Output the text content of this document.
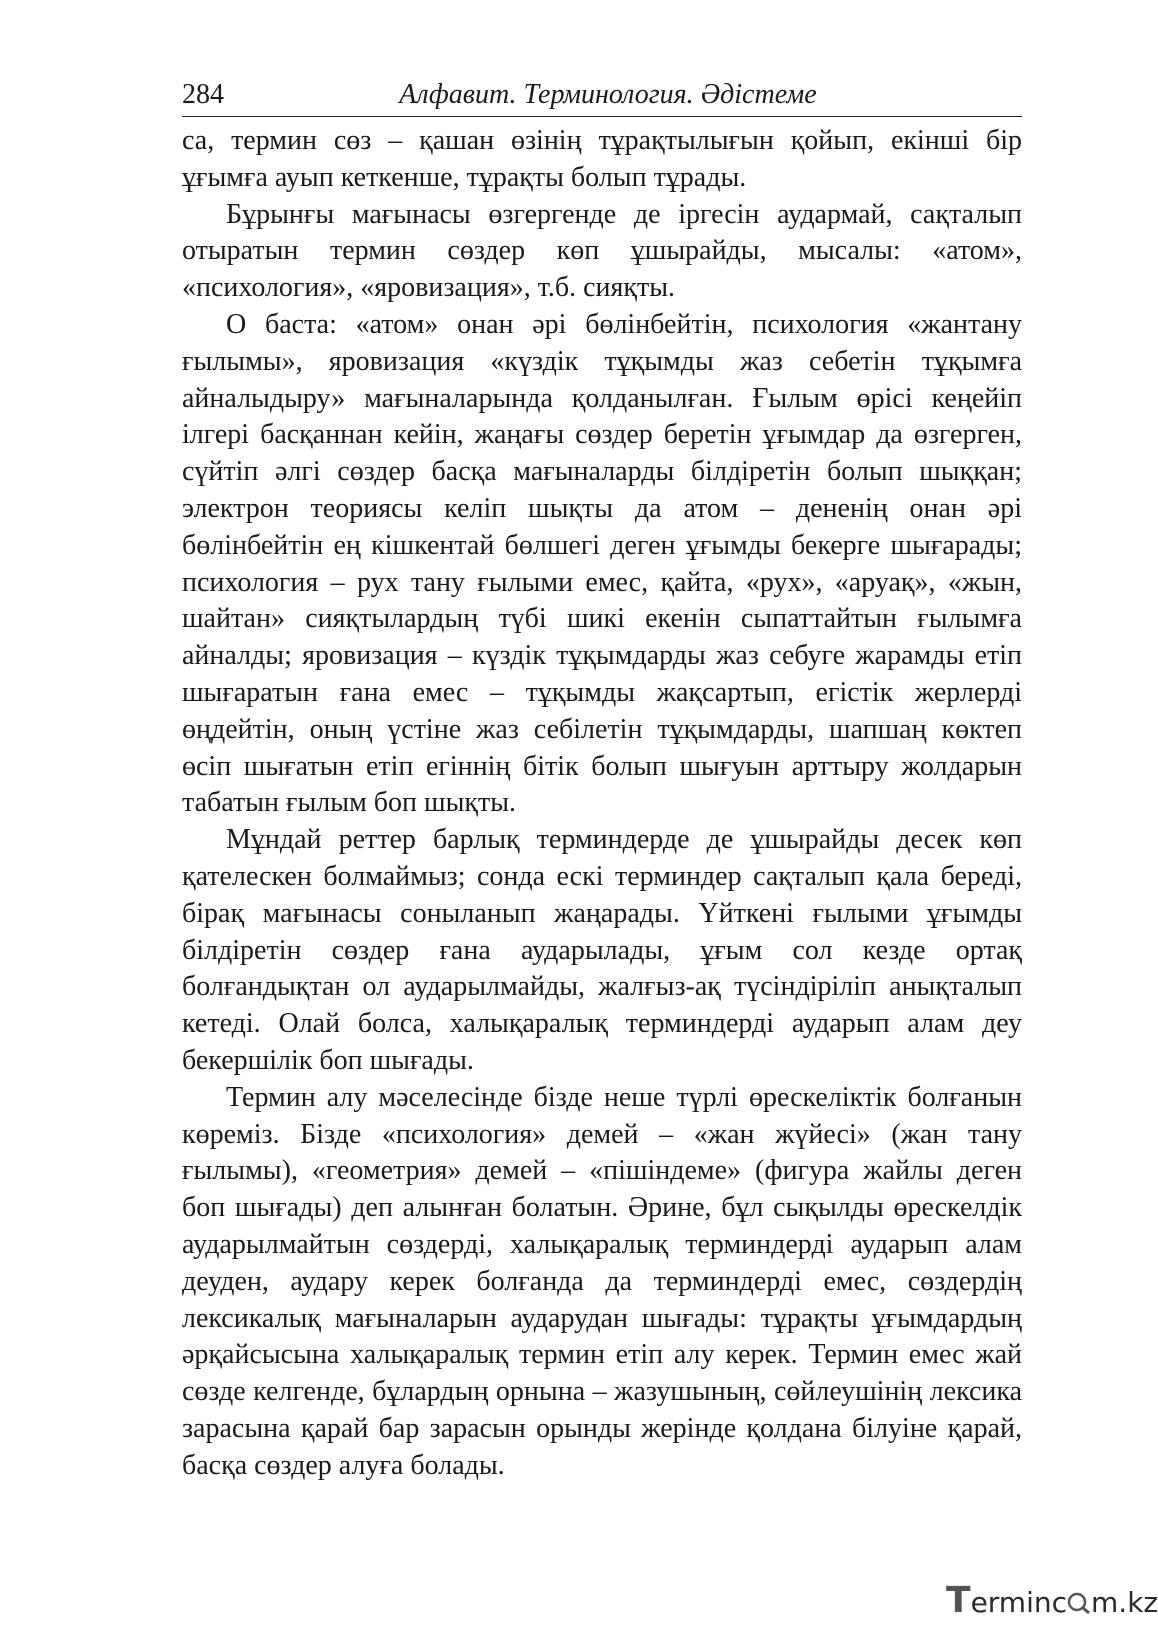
284	Алфавит. Терминология. Әдістеме

са, термин сөз – қашан өзінің тұрақтылығын қойып, екінші бір ұғымға ауып кеткенше, тұрақты болып тұрады.

Бұрынғы мағынасы өзгергенде де іргесін аудармай, сақталып отыратын термин сөздер көп ұшырайды, мысалы: «атом», «психология», «яровизация», т.б. сияқты.

О баста: «атом» онан әрі бөлінбейтін, психология «жантану ғылымы», яровизация «күздік тұқымды жаз себетін тұқымға айналыдыру» мағыналарында қолданылған. Ғылым өрісі кеңейіп ілгері басқаннан кейін, жаңағы сөздер беретін ұғымдар да өзгерген, сүйтіп әлгі сөздер басқа мағыналарды білдіретін болып шыққан; электрон теориясы келіп шықты да атом – дененің онан әрі бөлінбейтін ең кішкентай бөлшегі деген ұғымды бекерге шығарады; психология – рух тану ғылыми емес, қайта, «рух», «аруақ», «жын, шайтан» сияқтылардың түбі шикі екенін сыпаттайтын ғылымға айналды; яровизация – күздік тұқымдарды жаз себуге жарамды етіп шығаратын ғана емес – тұқымды жақсартып, егістік жерлерді өңдейтін, оның үстіне жаз себілетін тұқымдарды, шапшаң көктеп өсіп шығатын етіп егіннің бітік болып шығуын арттыру жолдарын табатын ғылым боп шықты.

Мұндай реттер барлық терминдерде де ұшырайды десек көп қателескен болмаймыз; сонда ескі терминдер сақталып қала береді, бірақ мағынасы соныланып жаңарады. Үйткені ғылыми ұғымды білдіретін сөздер ғана аударылады, ұғым сол кезде ортақ болғандықтан ол аударылмайды, жалғыз-ақ түсіндіріліп анықталып кетеді. Олай болса, халықаралық терминдерді аударып алам деу бекершілік боп шығады.

Термин алу мәселесінде бізде неше түрлі өрескеліктік болғанын көреміз. Бізде «психология» демей – «жан жүйесі» (жан тану ғылымы), «геометрия» демей – «пішіндеме» (фигура жайлы деген боп шығады) деп алынған болатын. Әрине, бұл сықылды өрескелдік аударылмайтын сөздерді, халықаралық терминдерді аударып алам деуден, аудару керек болғанда да терминдерді емес, сөздердің лексикалық мағыналарын аударудан шығады: тұрақты ұғымдардың әрқайсысына халықаралық термин етіп алу керек. Термин емес жай сөзде келгенде, бұлардың орнына – жазушының, сөйлеушінің лексика зарасына қарай бар зарасын орынды жерінде қолдана білуіне қарай, басқа сөздер алуға болады.

Terminc m.kz
